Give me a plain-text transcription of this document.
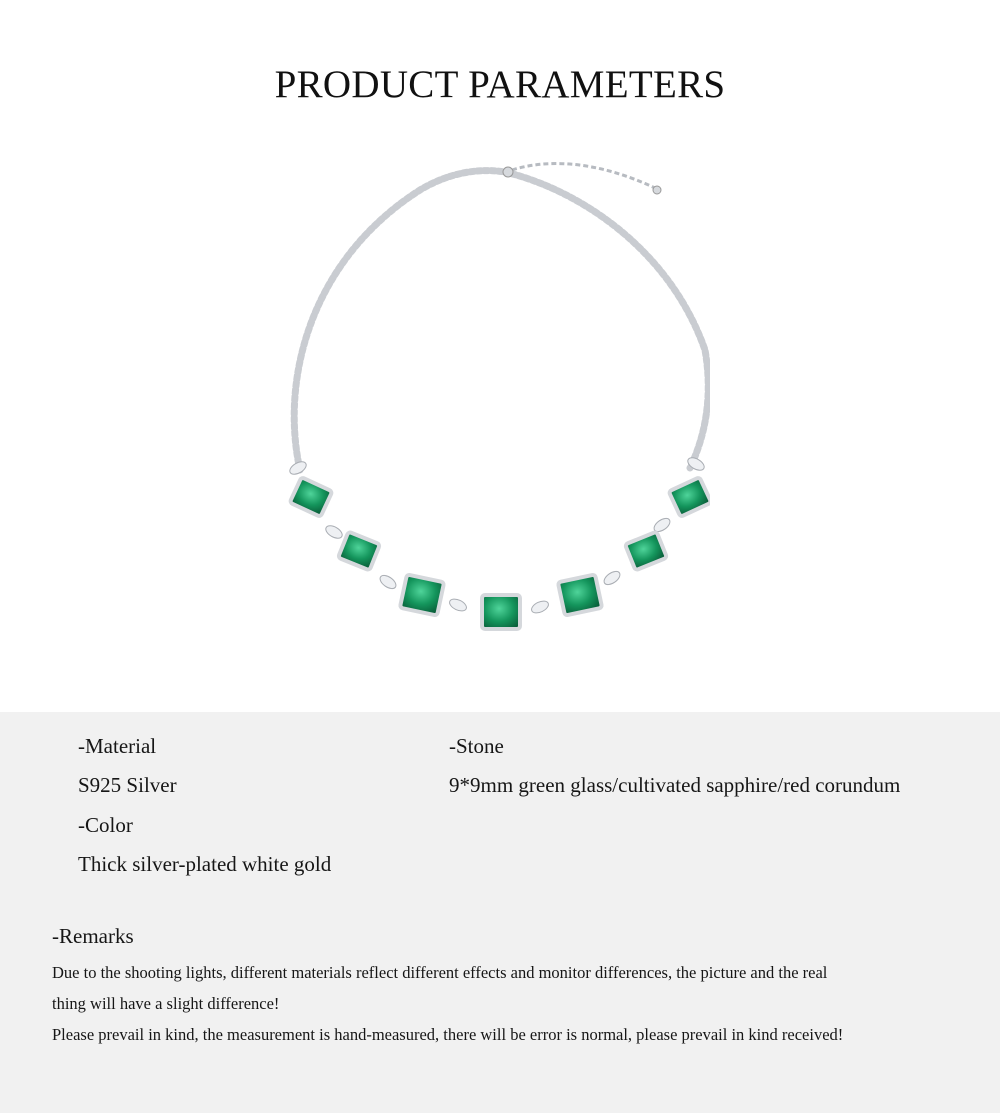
PRODUCT PARAMETERS
-Material
S925 Silver
-Color
Thick silver-plated white gold
-Stone
9*9mm green glass/cultivated sapphire/red corundum
-Remarks
Due to the shooting lights, different materials reflect different effects and monitor differences, the picture and the real
thing will have a slight difference!
Please prevail in kind, the measurement is hand-measured, there will be error is normal, please prevail in kind received!
